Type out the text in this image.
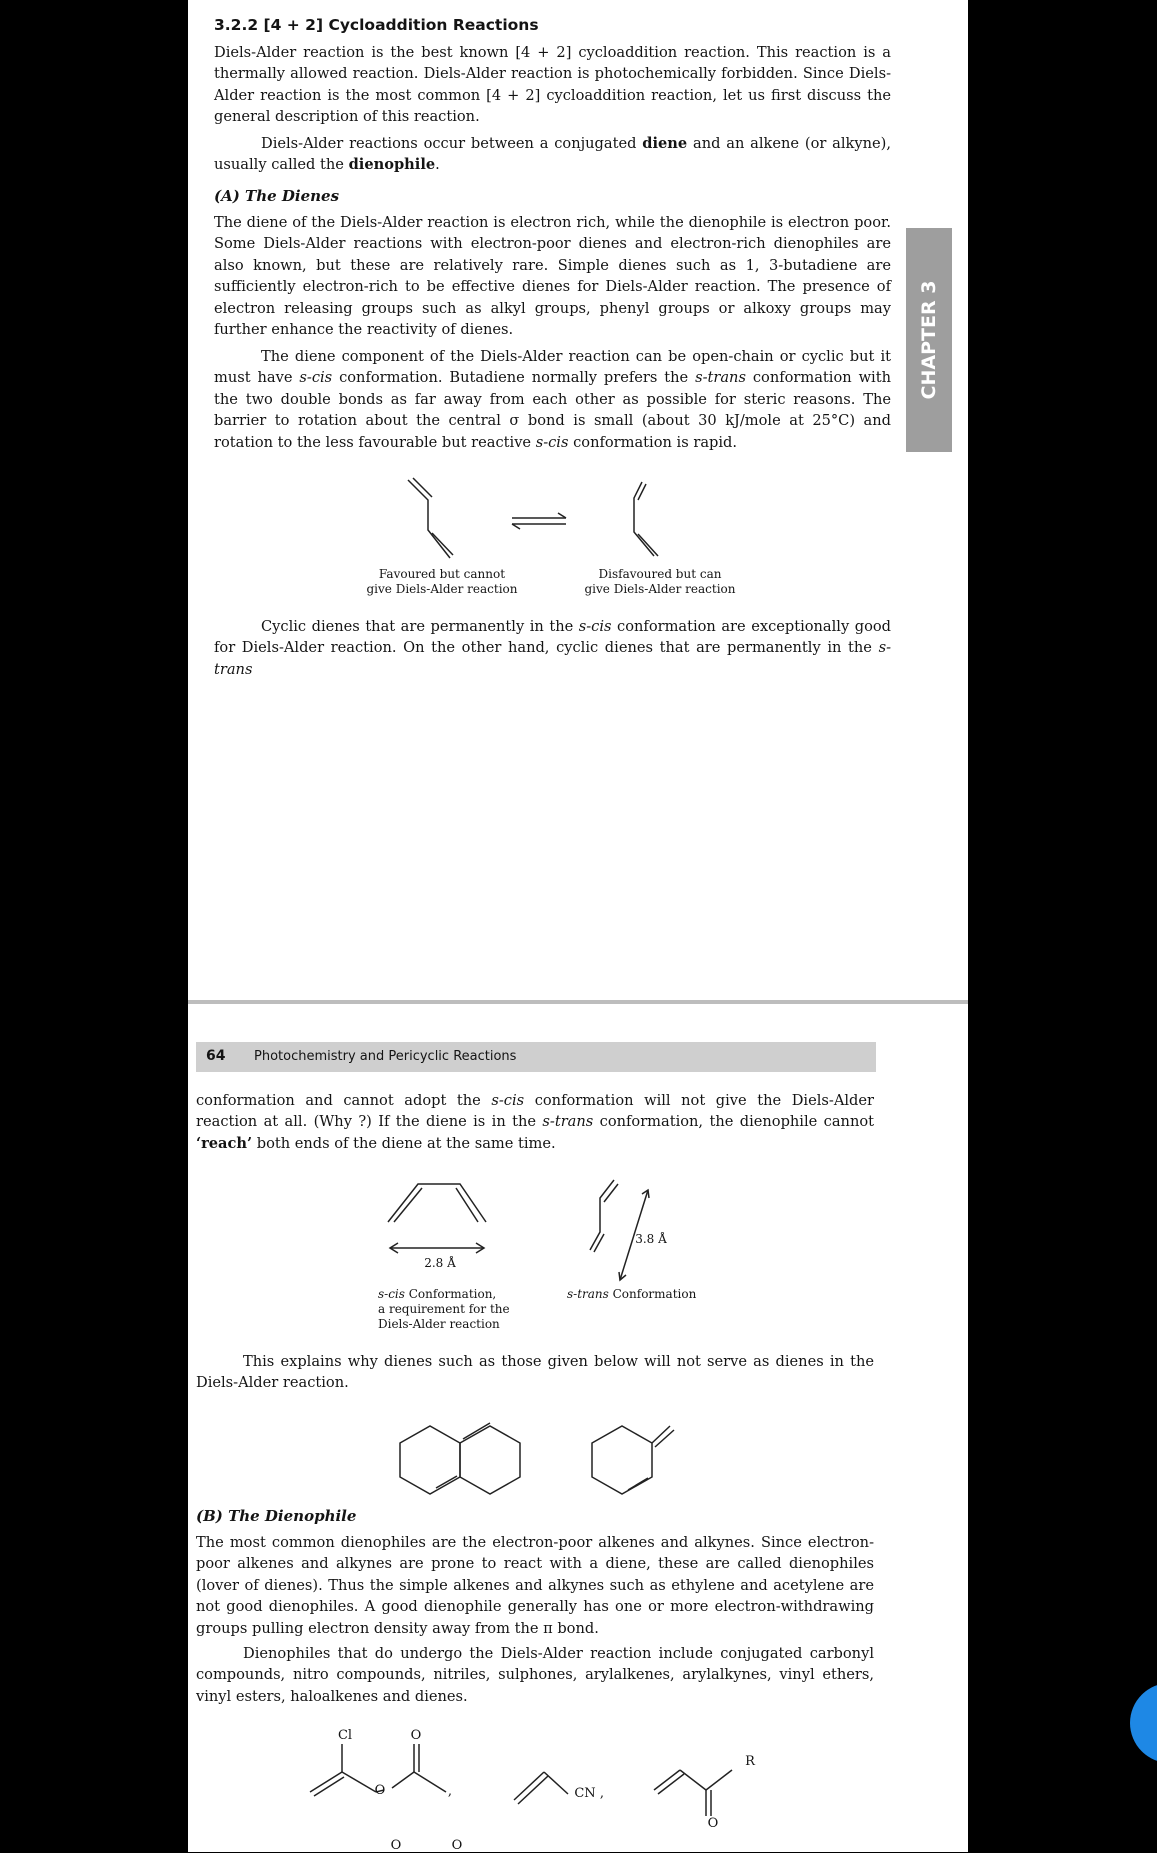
3.2.2 [4 + 2] Cycloaddition Reactions

Diels-Alder reaction is the best known [4 + 2] cycloaddition reaction. This reaction is a thermally allowed reaction. Diels-Alder reaction is photochemically forbidden. Since Diels-Alder reaction is the most common [4 + 2] cycloaddition reaction, let us first discuss the general description of this reaction.

Diels-Alder reactions occur between a conjugated diene and an alkene (or alkyne), usually called the dienophile.

(A) The Dienes

The diene of the Diels-Alder reaction is electron rich, while the dienophile is electron poor. Some Diels-Alder reactions with electron-poor dienes and electron-rich dienophiles are also known, but these are relatively rare. Simple dienes such as 1, 3-butadiene are sufficiently electron-rich to be effective dienes for Diels-Alder reaction. The presence of electron releasing groups such as alkyl groups, phenyl groups or alkoxy groups may further enhance the reactivity of dienes.

The diene component of the Diels-Alder reaction can be open-chain or cyclic but it must have s-cis conformation. Butadiene normally prefers the s-trans conformation with the two double bonds as far away from each other as possible for steric reasons. The barrier to rotation about the central σ bond is small (about 30 kJ/mole at 25°C) and rotation to the less favourable but reactive s-cis conformation is rapid.

Favoured but cannot
give Diels-Alder reaction
Disfavoured but can
give Diels-Alder reaction

Cyclic dienes that are permanently in the s-cis conformation are exceptionally good for Diels-Alder reaction. On the other hand, cyclic dienes that are permanently in the s-trans

CHAPTER 3
64 Photochemistry and Pericyclic Reactions

conformation and cannot adopt the s-cis conformation will not give the Diels-Alder reaction at all. (Why ?) If the diene is in the s-trans conformation, the dienophile cannot ‘reach’ both ends of the diene at the same time.

2.8 Å
3.8 Å
s-cis Conformation,
a requirement for the
Diels-Alder reaction
s-trans Conformation

This explains why dienes such as those given below will not serve as dienes in the Diels-Alder reaction.

(B) The Dienophile

The most common dienophiles are the electron-poor alkenes and alkynes. Since electron-poor alkenes and alkynes are prone to react with a diene, these are called dienophiles (lover of dienes). Thus the simple alkenes and alkynes such as ethylene and acetylene are not good dienophiles. A good dienophile generally has one or more electron-withdrawing groups pulling electron density away from the π bond.

Dienophiles that do undergo the Diels-Alder reaction include conjugated carbonyl compounds, nitro compounds, nitriles, sulphones, arylalkenes, arylalkynes, vinyl ethers, vinyl esters, haloalkenes and dienes.

Cl	O
O	,	CN ,
R
O
O	O
